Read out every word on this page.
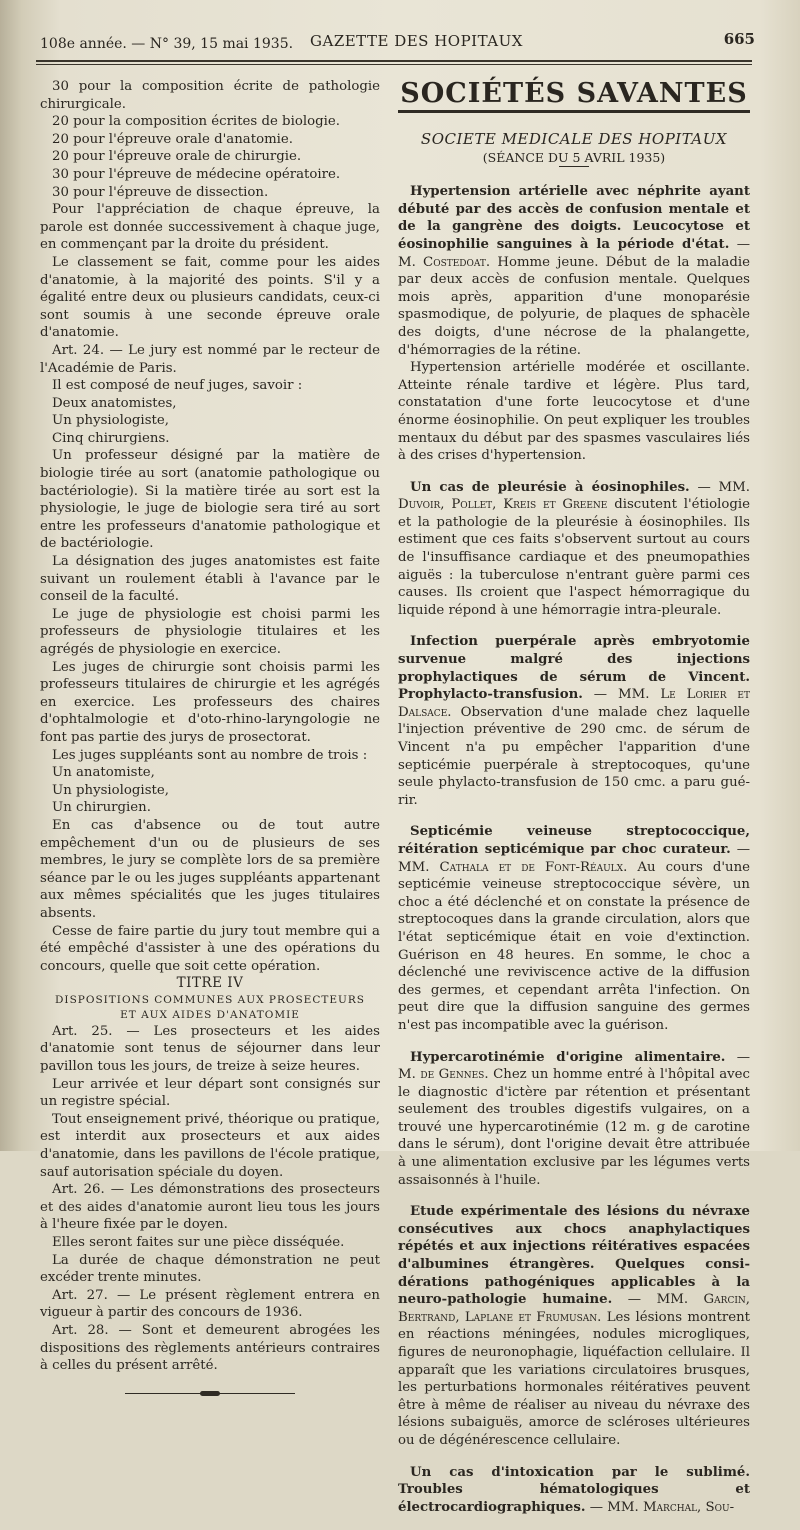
108e année. — N° 39, 15 mai 1935. GAZETTE DES HOPITAUX	665

30 pour la composition écrite de pathologie chirurgicale.

20 pour la composition écrites de biologie.

20 pour l'épreuve orale d'anatomie.

20 pour l'épreuve orale de chirurgie.

30 pour l'épreuve de médecine opératoire.

30 pour l'épreuve de dissection.

Pour l'appréciation de chaque épreuve, la parole est donnée successivement à chaque juge, en commençant par la droite du président.

Le classement se fait, comme pour les aides d'anatomie, à la majorité des points. S'il y a égalité entre deux ou plusieurs candidats, ceux-ci sont soumis à une seconde épreuve orale d'anatomie.

Art. 24. — Le jury est nommé par le recteur de l'Académie de Paris.

Il est composé de neuf juges, savoir :

Deux anatomistes,

Un physiologiste,

Cinq chirurgiens.

Un professeur désigné par la matière de biologie tirée au sort (anatomie pathologique ou bactériologie). Si la matière tirée au sort est la physiologie, le juge de biologie sera tiré au sort entre les professeurs d'anatomie pathologique et de bactériologie.

La désignation des juges anatomistes est faite suivant un roulement établi à l'avance par le conseil de la faculté.

Le juge de physiologie est choisi parmi les professeurs de physiologie titulaires et les agrégés de physiologie en exercice.

Les juges de chirurgie sont choisis parmi les professeurs titulaires de chirurgie et les agrégés en exercice. Les professeurs des chaires d'ophtalmologie et d'oto-rhino-laryngologie ne font pas partie des jurys de prosectorat.

Les juges suppléants sont au nombre de trois :

Un anatomiste,

Un physiologiste,

Un chirurgien.

En cas d'absence ou de tout autre empêchement d'un ou de plusieurs de ses membres, le jury se complète lors de sa première séance par le ou les juges suppléants appartenant aux mêmes spécialités que les juges titulaires absents.

Cesse de faire partie du jury tout membre qui a été empêché d'assister à une des opérations du concours, quelle que soit cette opération.

TITRE IV

DISPOSITIONS COMMUNES AUX PROSECTEURS
ET AUX AIDES D'ANATOMIE

Art. 25. — Les prosecteurs et les aides d'anatomie sont tenus de séjourner dans leur pavillon tous les jours, de treize à seize heures.

Leur arrivée et leur départ sont consignés sur un registre spécial.

Tout enseignement privé, théorique ou pratique, est interdit aux prosecteurs et aux aides d'anatomie, dans les pavillons de l'école pratique, sauf autorisation spéciale du doyen.

Art. 26. — Les démonstrations des prosecteurs et des aides d'anatomie auront lieu tous les jours à l'heure fixée par le doyen.

Elles seront faites sur une pièce disséquée.

La durée de chaque démonstration ne peut excéder trente minutes.

Art. 27. — Le présent règlement entrera en vigueur à partir des concours de 1936.

Art. 28. — Sont et demeurent abrogées les dispositions des règlements antérieurs contraires à celles du présent arrêté.

SOCIÉTÉS SAVANTES

SOCIETE MEDICALE DES HOPITAUX

(SÉANCE DU 5 AVRIL 1935)

Hypertension artérielle avec néphrite ayant débuté par des accès de confusion mentale et de la gangrène des doigts. Leucocytose et éosinophilie sanguines à la période d'état. — M. Costedoat. Homme jeune. Début de la maladie par deux accès de confusion mentale. Quelques mois après, apparition d'une monoparésie spasmodique, de polyurie, de plaques de sphacèle des doigts, d'une nécrose de la phalangette, d'hémorragies de la rétine.

Hypertension artérielle modérée et oscillante. Atteinte rénale tardive et légère. Plus tard, constatation d'une forte leucocytose et d'une énorme éosinophilie. On peut expliquer les troubles mentaux du début par des spasmes vasculaires liés à des crises d'hypertension.

Un cas de pleurésie à éosinophiles. — MM. Duvoir, Pollet, Kreis et Greene discutent l'étiologie et la pathologie de la pleurésie à éosinophiles. Ils estiment que ces faits s'observent surtout au cours de l'insuffisance cardiaque et des pneumopathies aiguës : la tuberculose n'entrant guère parmi ces causes. Ils croient que l'aspect hémorragique du liquide répond à une hémorragie intra-pleurale.

Infection puerpérale après embryotomie survenue malgré des injections prophylactiques de sérum de Vincent. Prophylacto-transfusion. — MM. Le Lorier et Dalsace. Observation d'une malade chez laquelle l'injection préventive de 290 cmc. de sérum de Vincent n'a pu empêcher l'apparition d'une septicémie puerpérale à streptocoques, qu'une seule phylacto-transfusion de 150 cmc. a paru guérir.

Septicémie veineuse streptococcique, réitération septicémique par choc curateur. — MM. Cathala et de Font-Réaulx. Au cours d'une septicémie veineuse streptococcique sévère, un choc a été déclenché et on constate la présence de streptocoques dans la grande circulation, alors que l'état septicémique était en voie d'extinction. Guérison en 48 heures. En somme, le choc a déclenché une reviviscence active de la diffusion des germes, et cependant arrêta l'infection. On peut dire que la diffusion sanguine des germes n'est pas incompatible avec la guérison.

Hypercarotinémie d'origine alimentaire. — M. de Gennes. Chez un homme entré à l'hôpital avec le diagnostic d'ictère par rétention et présentant seulement des troubles digestifs vulgaires, on a trouvé une hypercarotinémie (12 m. g de carotine dans le sérum), dont l'origine devait être attribuée à une alimentation exclusive par les légumes verts assaisonnés à l'huile.

Etude expérimentale des lésions du névraxe consécutives aux chocs anaphylactiques répétés et aux injections réitératives espacées d'albumines étrangères. Quelques considérations pathogéniques applicables à la neuro-pathologie humaine. — MM. Garcin, Bertrand, Laplane et Frumusan. Les lésions montrent en réactions méningées, nodules microgliques, figures de neuronophagie, liquéfaction cellulaire. Il apparaît que les variations circulatoires brusques, les perturbations hormonales réitératives peuvent être à même de réaliser au niveau du névraxe des lésions subaiguës, amorce de scléroses ultérieures ou de dégénérescence cellulaire.

Un cas d'intoxication par le sublimé. Troubles hématologiques et électrocardiographiques. — MM. Marchal, Sou-
